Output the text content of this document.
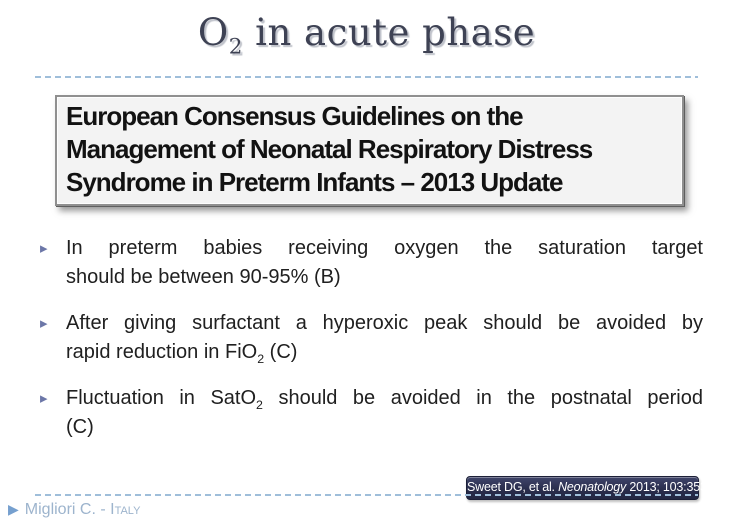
$O_2$ in acute phase
European Consensus Guidelines on the
Management of Neonatal Respiratory Distress
Syndrome in Preterm Infants – 2013 Update
▸ In preterm babies receiving oxygen the saturation target
should be between 90-95% (B)
▸ After giving surfactant a hyperoxic peak should be avoided by
rapid reduction in FiO$_2$ (C)
▸ Fluctuation in SatO$_2$ should be avoided in the postnatal period
(C)
Sweet DG, et al. Neonatology 2013; 103:353
▶ Migliori C. - Italy
